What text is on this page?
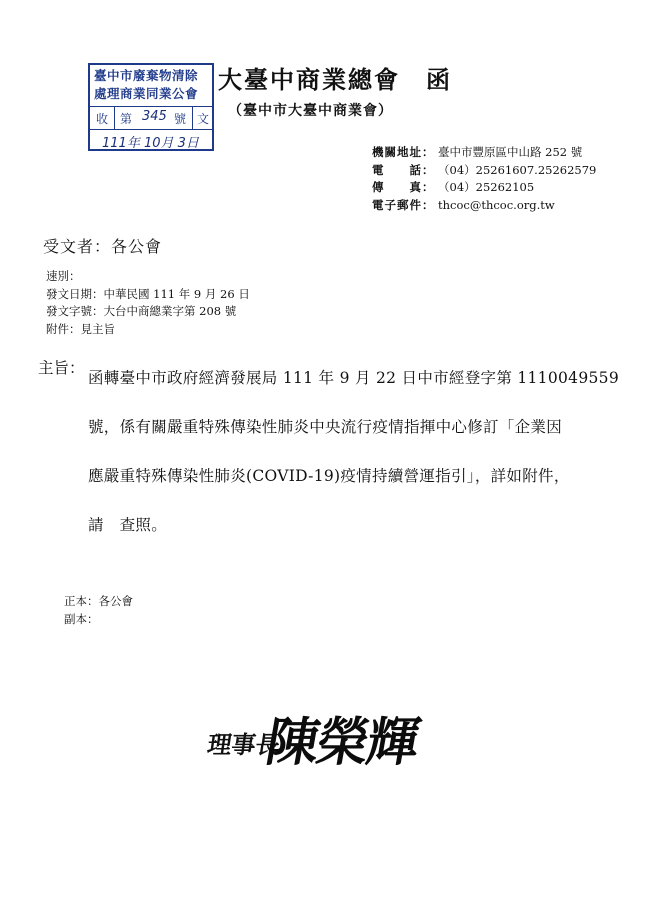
臺中市廢棄物清除
處理商業同業公會
收 第 345 號 文
111年 10月 3日
大臺中商業總會　函
（臺中市大臺中商業會）
機關地址： 臺中市豐原區中山路 252 號
電　　話： （04）25261607.25262579
傳　　真： （04）25262105
電子郵件： thcoc@thcoc.org.tw
受文者：各公會
速別：
發文日期：中華民國 111 年 9 月 26 日
發文字號：大台中商總業字第 208 號
附件：見主旨
主旨：
函轉臺中市政府經濟發展局 111 年 9 月 22 日中市經登字第 1110049559
號，係有關嚴重特殊傳染性肺炎中央流行疫情指揮中心修訂「企業因
應嚴重特殊傳染性肺炎(COVID-19)疫情持續營運指引」，詳如附件，
請　查照。
正本：各公會
副本：
理事長
陳榮輝
